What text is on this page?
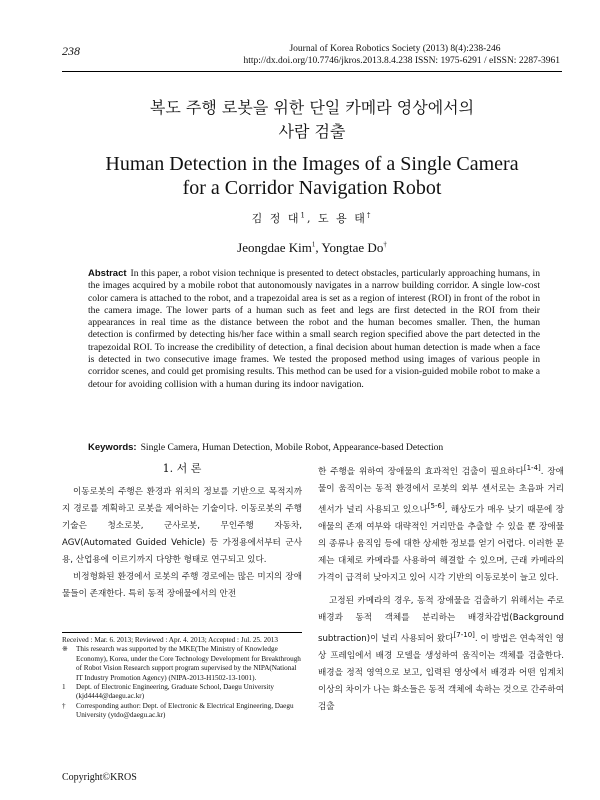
238	Journal of Korea Robotics Society (2013) 8(4):238-246
http://dx.doi.org/10.7746/jkros.2013.8.4.238 ISSN: 1975-6291 / eISSN: 2287-3961
복도 주행 로봇을 위한 단일 카메라 영상에서의
사람 검출
Human Detection in the Images of a Single Camera
for a Corridor Navigation Robot
김 정 대$^1$, 도 용 태†
Jeongdae Kim$^1$, Yongtae Do†
Abstract In this paper, a robot vision technique is presented to detect obstacles, particularly approaching humans, in the images acquired by a mobile robot that autonomously navigates in a narrow building corridor. A single low-cost color camera is attached to the robot, and a trapezoidal area is set as a region of interest (ROI) in front of the robot in the camera image. The lower parts of a human such as feet and legs are first detected in the ROI from their appearances in real time as the distance between the robot and the human becomes smaller. Then, the human detection is confirmed by detecting his/her face within a small search region specified above the part detected in the trapezoidal ROI. To increase the credibility of detection, a final decision about human detection is made when a face is detected in two consecutive image frames. We tested the proposed method using images of various people in corridor scenes, and could get promising results. This method can be used for a vision-guided mobile robot to make a detour for avoiding collision with a human during its indoor navigation.
Keywords: Single Camera, Human Detection, Mobile Robot, Appearance-based Detection
1. 서 론

이동로봇의 주행은 환경과 위치의 정보를 기반으로 목적지까지 경로를 계획하고 로봇을 제어하는 기술이다. 이동로봇의 주행기술은 청소로봇, 군사로봇, 무인주행 자동차, AGV(Automated Guided Vehicle) 등 가정용에서부터 군사용, 산업용에 이르기까지 다양한 형태로 연구되고 있다.

비정형화된 환경에서 로봇의 주행 경로에는 많은 미지의 장애물들이 존재한다. 특히 동적 장애물에서의 안전

한 주행을 위하여 장애물의 효과적인 검출이 필요하다[1-4]. 장애물이 움직이는 동적 환경에서 로봇의 외부 센서로는 초음파 거리 센서가 널리 사용되고 있으나[5-6], 해상도가 매우 낮기 때문에 장애물의 존재 여부와 대략적인 거리만을 추출할 수 있을 뿐 장애물의 종류나 움직임 등에 대한 상세한 정보를 얻기 어렵다. 이러한 문제는 대체로 카메라를 사용하여 해결할 수 있으며, 근래 카메라의 가격이 급격히 낮아지고 있어 시각 기반의 이동로봇이 늘고 있다.

고정된 카메라의 경우, 동적 장애물을 검출하기 위해서는 주로 배경과 동적 객체를 분리하는 배경차감법(Background subtraction)이 널리 사용되어 왔다[7-10]. 이 방법은 연속적인 영상 프레임에서 배경 모델을 생성하여 움직이는 객체를 검출한다. 배경을 정적 영역으로 보고, 입력된 영상에서 배경과 어떤 임계치 이상의 차이가 나는 화소들은 동적 객체에 속하는 것으로 간주하여 검출

Received : Mar. 6. 2013; Reviewed : Apr. 4. 2013; Accepted : Jul. 25. 2013
※	This research was supported by the MKE(The Ministry of Knowledge Economy), Korea, under the Core Technology Development for Breakthrough of Robot Vision Research support program supervised by the NIPA(National IT Industry Promotion Agency) (NIPA-2013-H1502-13-1001).
1	Dept. of Electronic Engineering, Graduate School, Daegu University (kjd4444@daegu.ac.kr)
†	Corresponding author: Dept. of Electronic & Electrical Engineering, Daegu University (ytdo@daegu.ac.kr)
Copyright©KROS
